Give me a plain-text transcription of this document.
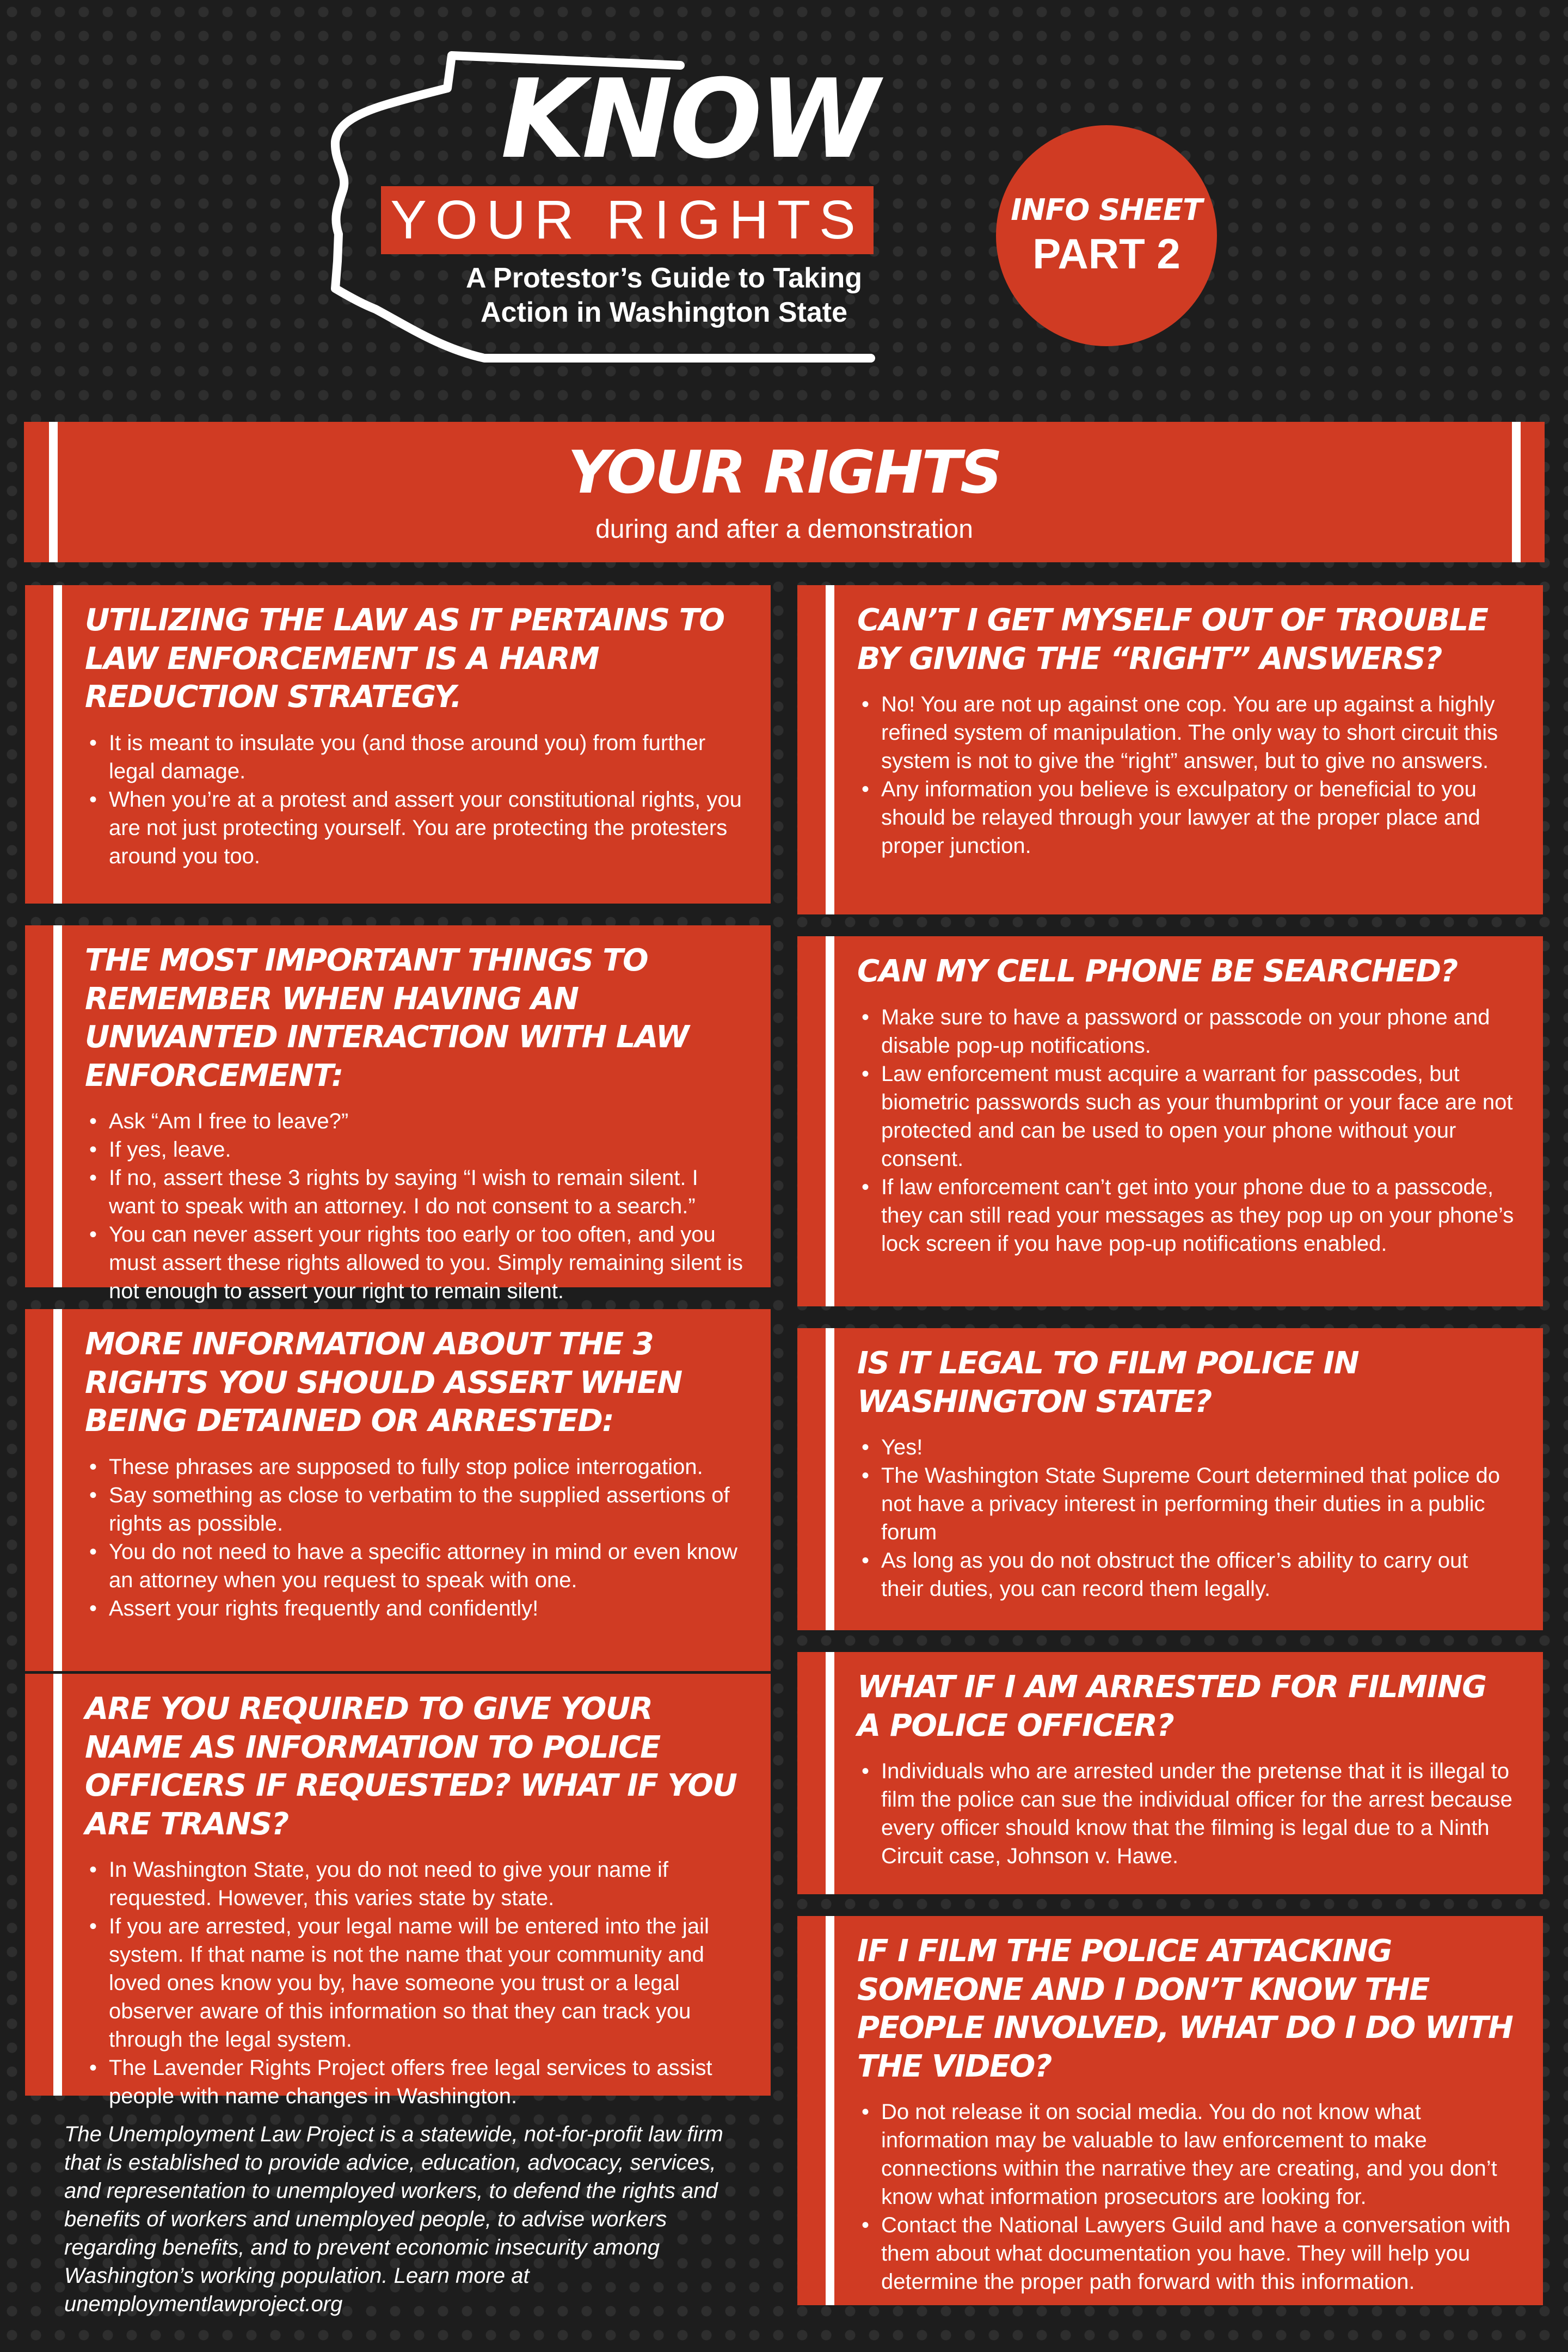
KNOW
YOUR RIGHTS
A Protestor’s Guide to Taking
Action in Washington State
INFO SHEET
PART 2
YOUR RIGHTS
during and after a demonstration
UTILIZING THE LAW AS IT PERTAINS TO LAW ENFORCEMENT IS A HARM REDUCTION STRATEGY.
• It is meant to insulate you (and those around you) from further legal damage.
• When you’re at a protest and assert your constitutional rights, you are not just protecting yourself. You are protecting the protesters around you too.
THE MOST IMPORTANT THINGS TO REMEMBER WHEN HAVING AN UNWANTED INTERACTION WITH LAW ENFORCEMENT:
• Ask “Am I free to leave?”
• If yes, leave.
• If no, assert these 3 rights by saying “I wish to remain silent. I want to speak with an attorney. I do not consent to a search.”
• You can never assert your rights too early or too often, and you must assert these rights allowed to you. Simply remaining silent is not enough to assert your right to remain silent.
MORE INFORMATION ABOUT THE 3 RIGHTS YOU SHOULD ASSERT WHEN BEING DETAINED OR ARRESTED:
• These phrases are supposed to fully stop police interrogation.
• Say something as close to verbatim to the supplied assertions of rights as possible.
• You do not need to have a specific attorney in mind or even know an attorney when you request to speak with one.
• Assert your rights frequently and confidently!
ARE YOU REQUIRED TO GIVE YOUR NAME AS INFORMATION TO POLICE OFFICERS IF REQUESTED? WHAT IF YOU ARE TRANS?
• In Washington State, you do not need to give your name if requested. However, this varies state by state.
• If you are arrested, your legal name will be entered into the jail system. If that name is not the name that your community and loved ones know you by, have someone you trust or a legal observer aware of this information so that they can track you through the legal system.
• The Lavender Rights Project offers free legal services to assist people with name changes in Washington.
The Unemployment Law Project is a statewide, not-for-profit law firm that is established to provide advice, education, advocacy, services, and representation to unemployed workers, to defend the rights and benefits of workers and unemployed people, to advise workers regarding benefits, and to prevent economic insecurity among Washington’s working population. Learn more at unemploymentlawproject.org
CAN’T I GET MYSELF OUT OF TROUBLE BY GIVING THE “RIGHT” ANSWERS?
• No! You are not up against one cop. You are up against a highly refined system of manipulation. The only way to short circuit this system is not to give the “right” answer, but to give no answers.
• Any information you believe is exculpatory or beneficial to you should be relayed through your lawyer at the proper place and proper junction.
CAN MY CELL PHONE BE SEARCHED?
• Make sure to have a password or passcode on your phone and disable pop-up notifications.
• Law enforcement must acquire a warrant for passcodes, but biometric passwords such as your thumbprint or your face are not protected and can be used to open your phone without your consent.
• If law enforcement can’t get into your phone due to a passcode, they can still read your messages as they pop up on your phone’s lock screen if you have pop-up notifications enabled.
IS IT LEGAL TO FILM POLICE IN WASHINGTON STATE?
• Yes!
• The Washington State Supreme Court determined that police do not have a privacy interest in performing their duties in a public forum
• As long as you do not obstruct the officer’s ability to carry out their duties, you can record them legally.
WHAT IF I AM ARRESTED FOR FILMING A POLICE OFFICER?
• Individuals who are arrested under the pretense that it is illegal to film the police can sue the individual officer for the arrest because every officer should know that the filming is legal due to a Ninth Circuit case, Johnson v. Hawe.
IF I FILM THE POLICE ATTACKING SOMEONE AND I DON’T KNOW THE PEOPLE INVOLVED, WHAT DO I DO WITH THE VIDEO?
• Do not release it on social media. You do not know what information may be valuable to law enforcement to make connections within the narrative they are creating, and you don’t know what information prosecutors are looking for.
• Contact the National Lawyers Guild and have a conversation with them about what documentation you have. They will help you determine the proper path forward with this information.
